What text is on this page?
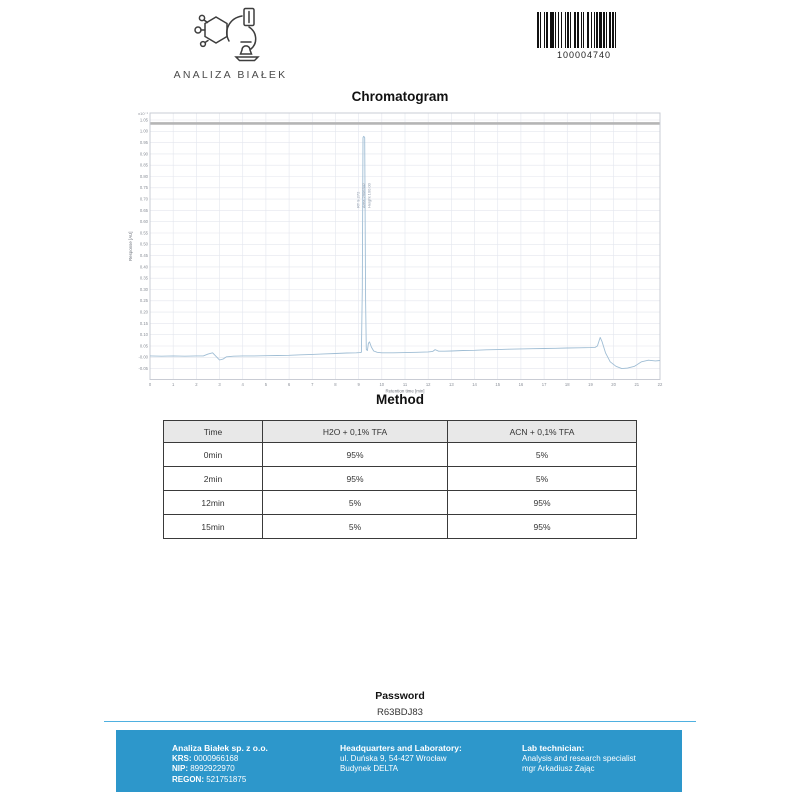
ANALIZA BIAŁEK
100004740
Chromatogram
1.05
1.00
0.95
0.90
0.85
0.80
0.75
0.70
0.65
0.60
0.55
0.50
0.45
0.40
0.35
0.30
0.25
0.20
0.15
0.10
0.05
-0.00
-0.05
0	1	2	3	4	5	6	7	8	9	10	11	12	13	14	15	16	17	18	19	20	21	22
x10⁻¹
Retention time [min]
Response [AU]
RT 9.272 Area 2906342 Height 100.00
Method
Time	H2O + 0,1% TFA	ACN + 0,1% TFA
0min	95%	5%
2min	95%	5%
12min	5%	95%
15min	5%	95%
Password
R63BDJ83
Analiza Białek sp. z o.o.
KRS: 0000966168
NIP: 8992922970
REGON: 521751875
Headquarters and Laboratory:
ul. Duńska 9, 54-427 Wrocław
Budynek DELTA
Lab technician:
Analysis and research specialist
mgr Arkadiusz Zając
